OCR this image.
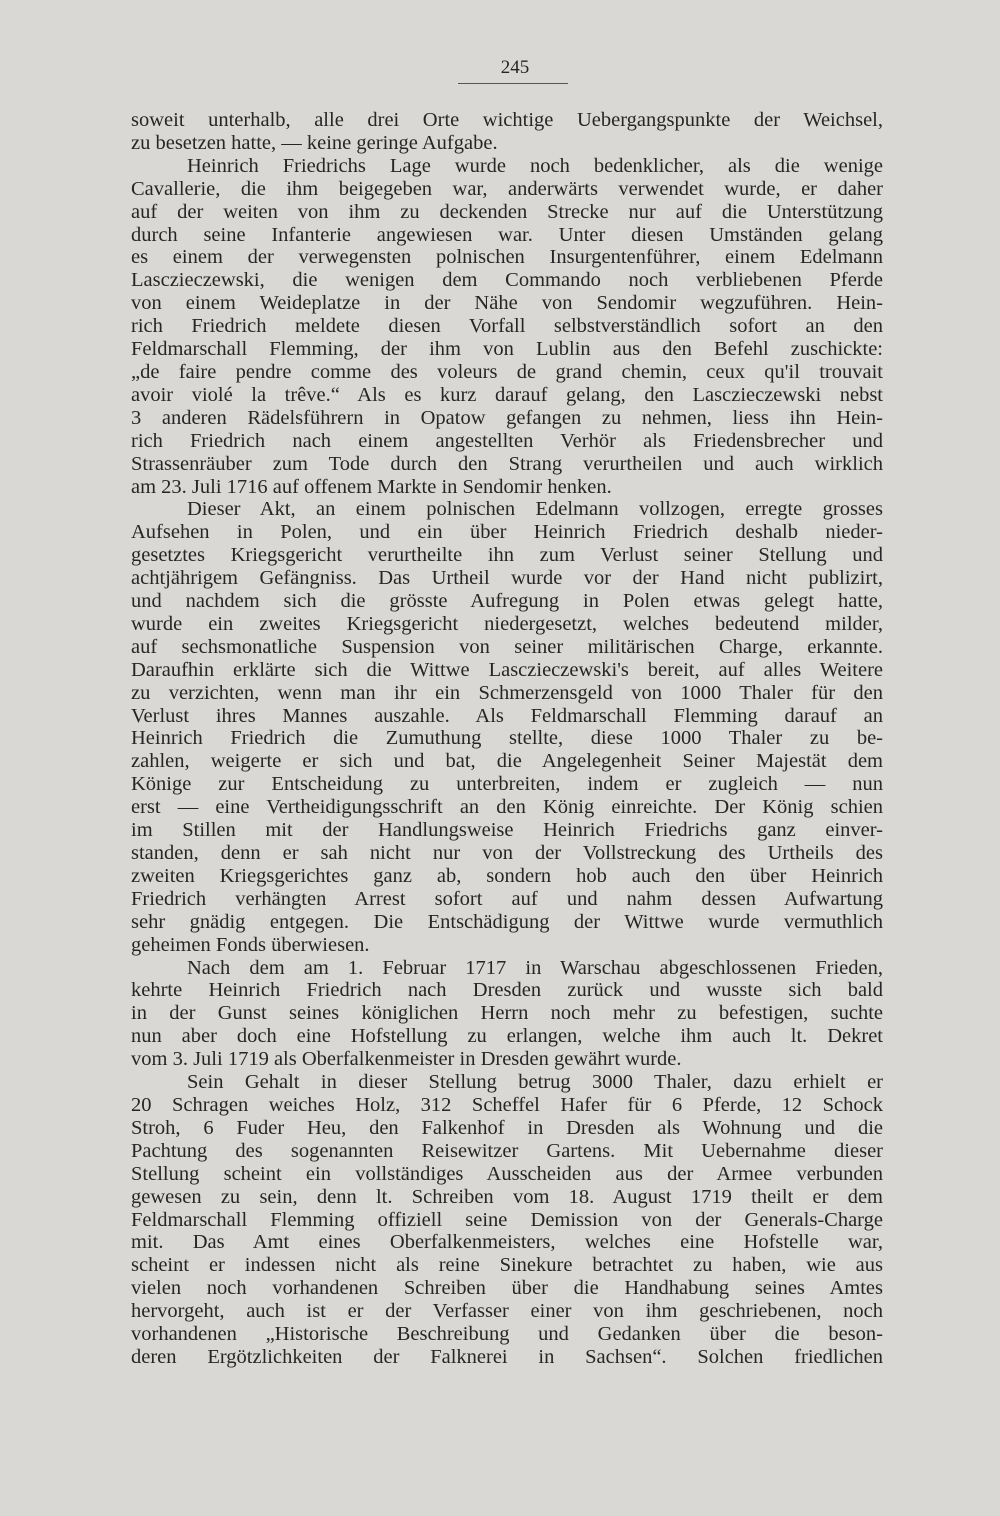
245
soweit unterhalb, alle drei Orte wichtige Uebergangspunkte der Weichsel,
zu besetzen hatte, — keine geringe Aufgabe.
Heinrich Friedrichs Lage wurde noch bedenklicher, als die wenige
Cavallerie, die ihm beigegeben war, anderwärts verwendet wurde, er daher
auf der weiten von ihm zu deckenden Strecke nur auf die Unterstützung
durch seine Infanterie angewiesen war. Unter diesen Umständen gelang
es einem der verwegensten polnischen Insurgentenführer, einem Edelmann
Lasczieczewski, die wenigen dem Commando noch verbliebenen Pferde
von einem Weideplatze in der Nähe von Sendomir wegzuführen. Hein-
rich Friedrich meldete diesen Vorfall selbstverständlich sofort an den
Feldmarschall Flemming, der ihm von Lublin aus den Befehl zuschickte:
„de faire pendre comme des voleurs de grand chemin, ceux qu'il trouvait
avoir violé la trêve.“ Als es kurz darauf gelang, den Lasczieczewski nebst
3 anderen Rädelsführern in Opatow gefangen zu nehmen, liess ihn Hein-
rich Friedrich nach einem angestellten Verhör als Friedensbrecher und
Strassenräuber zum Tode durch den Strang verurtheilen und auch wirklich
am 23. Juli 1716 auf offenem Markte in Sendomir henken.
Dieser Akt, an einem polnischen Edelmann vollzogen, erregte grosses
Aufsehen in Polen, und ein über Heinrich Friedrich deshalb nieder-
gesetztes Kriegsgericht verurtheilte ihn zum Verlust seiner Stellung und
achtjährigem Gefängniss. Das Urtheil wurde vor der Hand nicht publizirt,
und nachdem sich die grösste Aufregung in Polen etwas gelegt hatte,
wurde ein zweites Kriegsgericht niedergesetzt, welches bedeutend milder,
auf sechsmonatliche Suspension von seiner militärischen Charge, erkannte.
Daraufhin erklärte sich die Wittwe Lasczieczewski's bereit, auf alles Weitere
zu verzichten, wenn man ihr ein Schmerzensgeld von 1000 Thaler für den
Verlust ihres Mannes auszahle. Als Feldmarschall Flemming darauf an
Heinrich Friedrich die Zumuthung stellte, diese 1000 Thaler zu be-
zahlen, weigerte er sich und bat, die Angelegenheit Seiner Majestät dem
Könige zur Entscheidung zu unterbreiten, indem er zugleich — nun
erst — eine Vertheidigungsschrift an den König einreichte. Der König schien
im Stillen mit der Handlungsweise Heinrich Friedrichs ganz einver-
standen, denn er sah nicht nur von der Vollstreckung des Urtheils des
zweiten Kriegsgerichtes ganz ab, sondern hob auch den über Heinrich
Friedrich verhängten Arrest sofort auf und nahm dessen Aufwartung
sehr gnädig entgegen. Die Entschädigung der Wittwe wurde vermuthlich
geheimen Fonds überwiesen.
Nach dem am 1. Februar 1717 in Warschau abgeschlossenen Frieden,
kehrte Heinrich Friedrich nach Dresden zurück und wusste sich bald
in der Gunst seines königlichen Herrn noch mehr zu befestigen, suchte
nun aber doch eine Hofstellung zu erlangen, welche ihm auch lt. Dekret
vom 3. Juli 1719 als Oberfalkenmeister in Dresden gewährt wurde.
Sein Gehalt in dieser Stellung betrug 3000 Thaler, dazu erhielt er
20 Schragen weiches Holz, 312 Scheffel Hafer für 6 Pferde, 12 Schock
Stroh, 6 Fuder Heu, den Falkenhof in Dresden als Wohnung und die
Pachtung des sogenannten Reisewitzer Gartens. Mit Uebernahme dieser
Stellung scheint ein vollständiges Ausscheiden aus der Armee verbunden
gewesen zu sein, denn lt. Schreiben vom 18. August 1719 theilt er dem
Feldmarschall Flemming offiziell seine Demission von der Generals-Charge
mit. Das Amt eines Oberfalkenmeisters, welches eine Hofstelle war,
scheint er indessen nicht als reine Sinekure betrachtet zu haben, wie aus
vielen noch vorhandenen Schreiben über die Handhabung seines Amtes
hervorgeht, auch ist er der Verfasser einer von ihm geschriebenen, noch
vorhandenen „Historische Beschreibung und Gedanken über die beson-
deren Ergötzlichkeiten der Falknerei in Sachsen“. Solchen friedlichen
